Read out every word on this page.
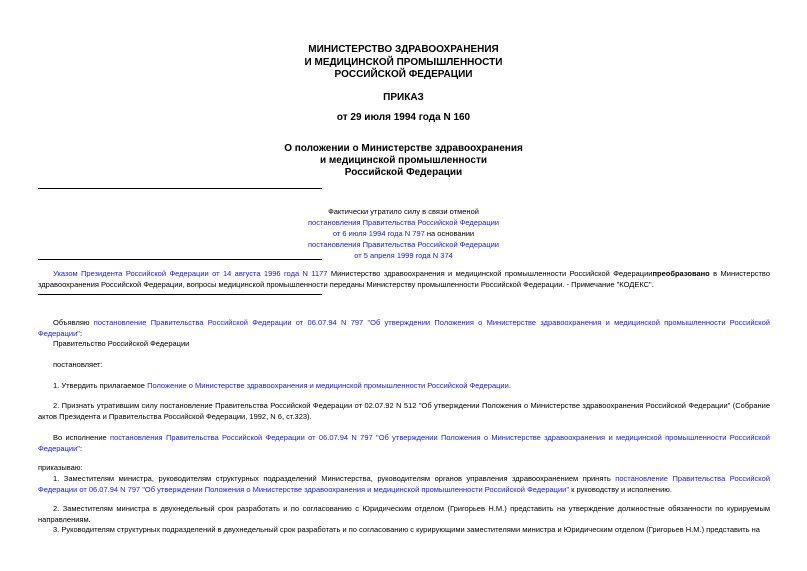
МИНИСТЕРСТВО ЗДРАВООХРАНЕНИЯ
И МЕДИЦИНСКОЙ ПРОМЫШЛЕННОСТИ
РОССИЙСКОЙ ФЕДЕРАЦИИ
ПРИКАЗ
от 29 июля 1994 года N 160
О положении о Министерстве здравоохранения
и медицинской промышленности
Российской Федерации
Фактически утратило силу в связи отменой
постановления Правительства Российской Федерации
от 6 июля 1994 года N 797 на основании
постановления Правительства Российской Федерации
от 5 апреля 1999 года N 374
Указом Президента Российской Федерации от 14 августа 1996 года N 1177 Министерство здравоохранения и медицинской промышленности Российской Федерациипреобразовано в Министерство здравоохранения Российской Федерации, вопросы медицинской промышленности переданы Министерству промышленности Российской Федерации. - Примечание "КОДЕКС".
Объявляю постановление Правительства Российской Федерации от 06.07.94 N 797 "Об утверждении Положения о Министерстве здравоохранения и медицинской промышленности Российской Федерации":
Правительство Российской Федерации
постановляет:
1. Утвердить прилагаемое Положение о Министерстве здравоохранения и медицинской промышленности Российской Федерации.
2. Признать утратившим силу постановление Правительства Российской Федерации от 02.07.92 N 512 "Об утверждении Положения о Министерстве здравоохранения Российской Федерации" (Собрание актов Президента и Правительства Российской Федерации, 1992, N 6, ст.323).
Во исполнение постановления Правительства Российской Федерации от 06.07.94 N 797 "Об утверждении Положения о Министерстве здравоохранения и медицинской промышленности Российской Федерации":
приказываю:
1. Заместителям министра, руководителям структурных подразделений Министерства, руководителям органов управления здравоохранением принять постановление Правительства Российской Федерации от 06.07.94 N 797 "Об утверждении Положения о Министерстве здравоохранения и медицинской промышленности Российской Федерации" к руководству и исполнению.
2. Заместителям министра в двухнедельный срок разработать и по согласованию с Юридическим отделом (Григорьев Н.М.) представить на утверждение должностные обязанности по курируемым направлениям.
3. Руководителям структурных подразделений в двухнедельный срок разработать и по согласованию с курирующими заместителями министра и Юридическим отделом (Григорьев Н.М.) представить на
